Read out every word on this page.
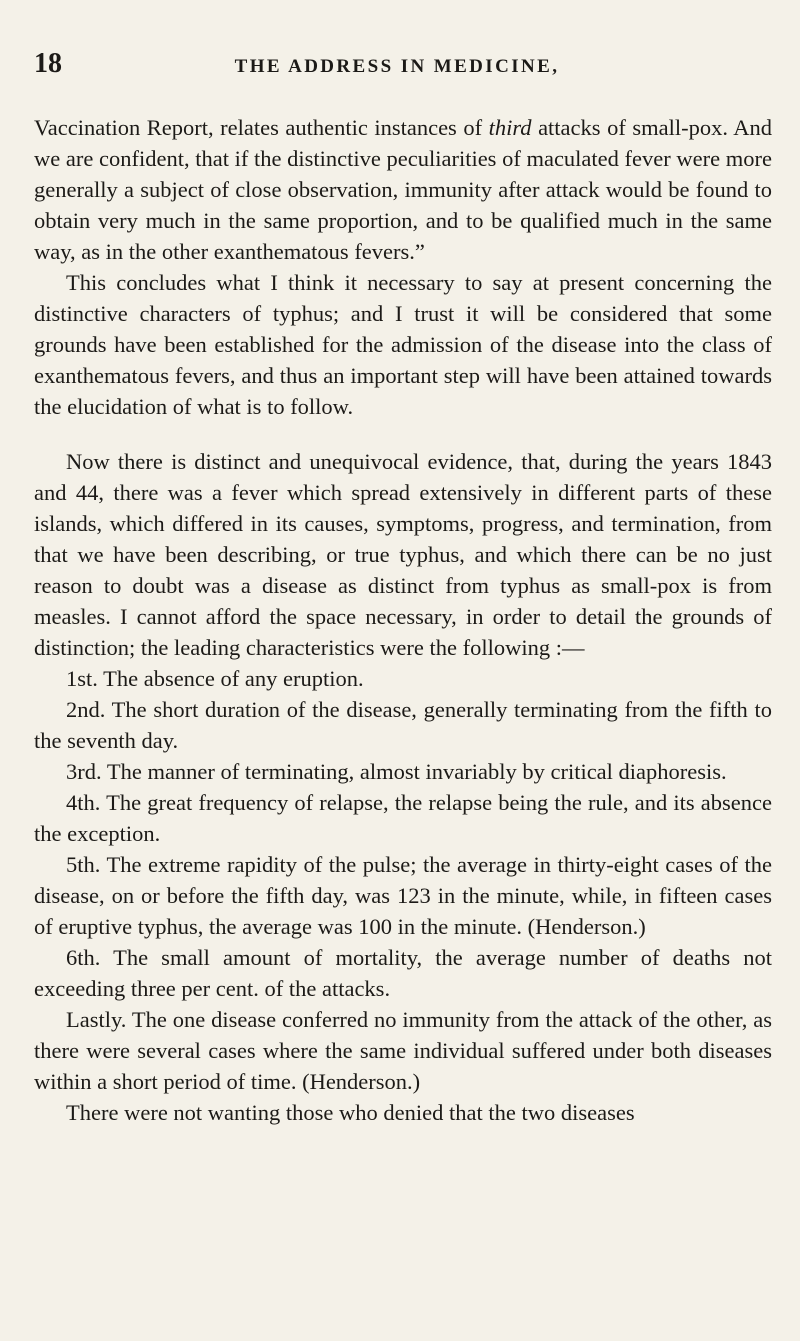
18	THE ADDRESS IN MEDICINE,

Vaccination Report, relates authentic instances of third attacks of small-pox. And we are confident, that if the distinctive peculiarities of maculated fever were more generally a subject of close observation, immunity after attack would be found to obtain very much in the same proportion, and to be qualified much in the same way, as in the other exanthematous fevers.”

This concludes what I think it necessary to say at present concerning the distinctive characters of typhus; and I trust it will be considered that some grounds have been established for the admission of the disease into the class of exanthematous fevers, and thus an important step will have been attained towards the elucidation of what is to follow.

Now there is distinct and unequivocal evidence, that, during the years 1843 and 44, there was a fever which spread extensively in different parts of these islands, which differed in its causes, symptoms, progress, and termination, from that we have been describing, or true typhus, and which there can be no just reason to doubt was a disease as distinct from typhus as small-pox is from measles. I cannot afford the space necessary, in order to detail the grounds of distinction; the leading characteristics were the following :—

1st. The absence of any eruption.

2nd. The short duration of the disease, generally terminating from the fifth to the seventh day.

3rd. The manner of terminating, almost invariably by critical diaphoresis.

4th. The great frequency of relapse, the relapse being the rule, and its absence the exception.

5th. The extreme rapidity of the pulse; the average in thirty-eight cases of the disease, on or before the fifth day, was 123 in the minute, while, in fifteen cases of eruptive typhus, the average was 100 in the minute. (Henderson.)

6th. The small amount of mortality, the average number of deaths not exceeding three per cent. of the attacks.

Lastly. The one disease conferred no immunity from the attack of the other, as there were several cases where the same individual suffered under both diseases within a short period of time. (Henderson.)

There were not wanting those who denied that the two diseases
